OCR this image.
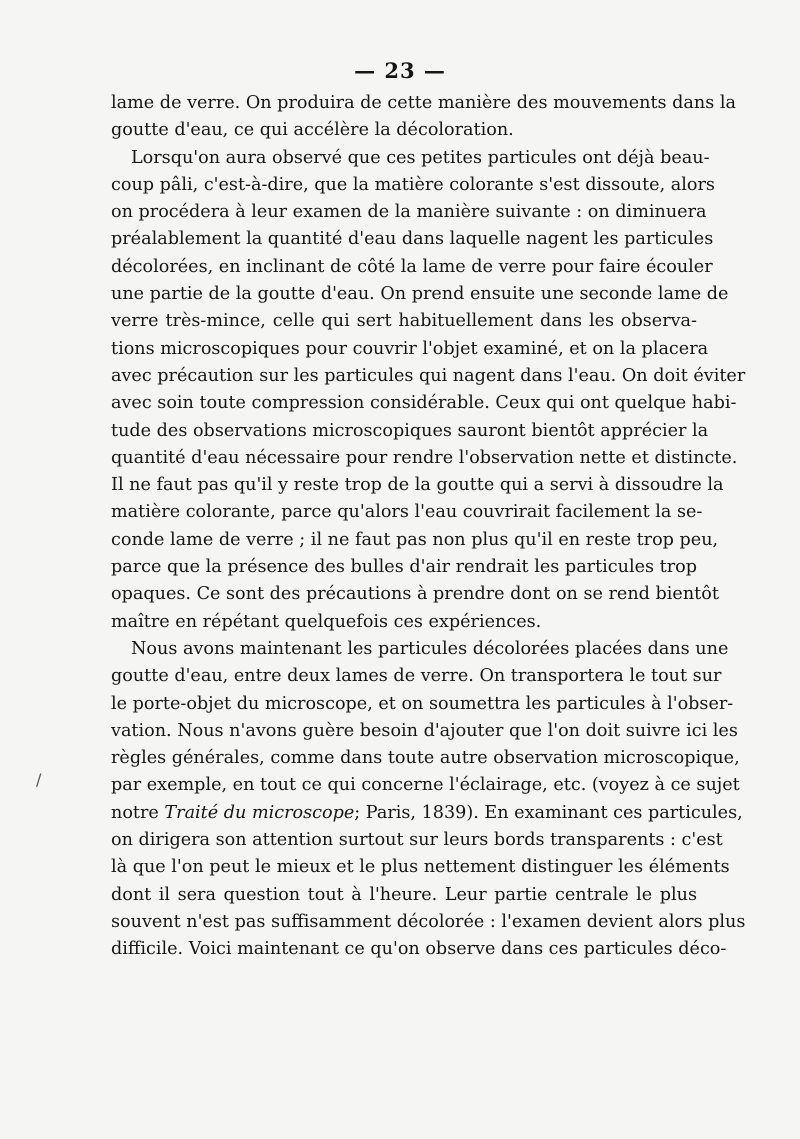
— 23 —
lame de verre. On produira de cette manière des mouvements dans la
goutte d'eau, ce qui accélère la décoloration.
Lorsqu'on aura observé que ces petites particules ont déjà beau-
coup pâli, c'est-à-dire, que la matière colorante s'est dissoute, alors
on procédera à leur examen de la manière suivante : on diminuera
préalablement la quantité d'eau dans laquelle nagent les particules
décolorées, en inclinant de côté la lame de verre pour faire écouler
une partie de la goutte d'eau. On prend ensuite une seconde lame de
verre très-mince, celle qui sert habituellement dans les observa-
tions microscopiques pour couvrir l'objet examiné, et on la placera
avec précaution sur les particules qui nagent dans l'eau. On doit éviter
avec soin toute compression considérable. Ceux qui ont quelque habi-
tude des observations microscopiques sauront bientôt apprécier la
quantité d'eau nécessaire pour rendre l'observation nette et distincte.
Il ne faut pas qu'il y reste trop de la goutte qui a servi à dissoudre la
matière colorante, parce qu'alors l'eau couvrirait facilement la se-
conde lame de verre ; il ne faut pas non plus qu'il en reste trop peu,
parce que la présence des bulles d'air rendrait les particules trop
opaques. Ce sont des précautions à prendre dont on se rend bientôt
maître en répétant quelquefois ces expériences.
Nous avons maintenant les particules décolorées placées dans une
goutte d'eau, entre deux lames de verre. On transportera le tout sur
le porte-objet du microscope, et on soumettra les particules à l'obser-
vation. Nous n'avons guère besoin d'ajouter que l'on doit suivre ici les
règles générales, comme dans toute autre observation microscopique,
par exemple, en tout ce qui concerne l'éclairage, etc. (voyez à ce sujet
notre Traité du microscope; Paris, 1839). En examinant ces particules,
on dirigera son attention surtout sur leurs bords transparents : c'est
là que l'on peut le mieux et le plus nettement distinguer les éléments
dont il sera question tout à l'heure. Leur partie centrale le plus
souvent n'est pas suffisamment décolorée : l'examen devient alors plus
difficile. Voici maintenant ce qu'on observe dans ces particules déco-
/
